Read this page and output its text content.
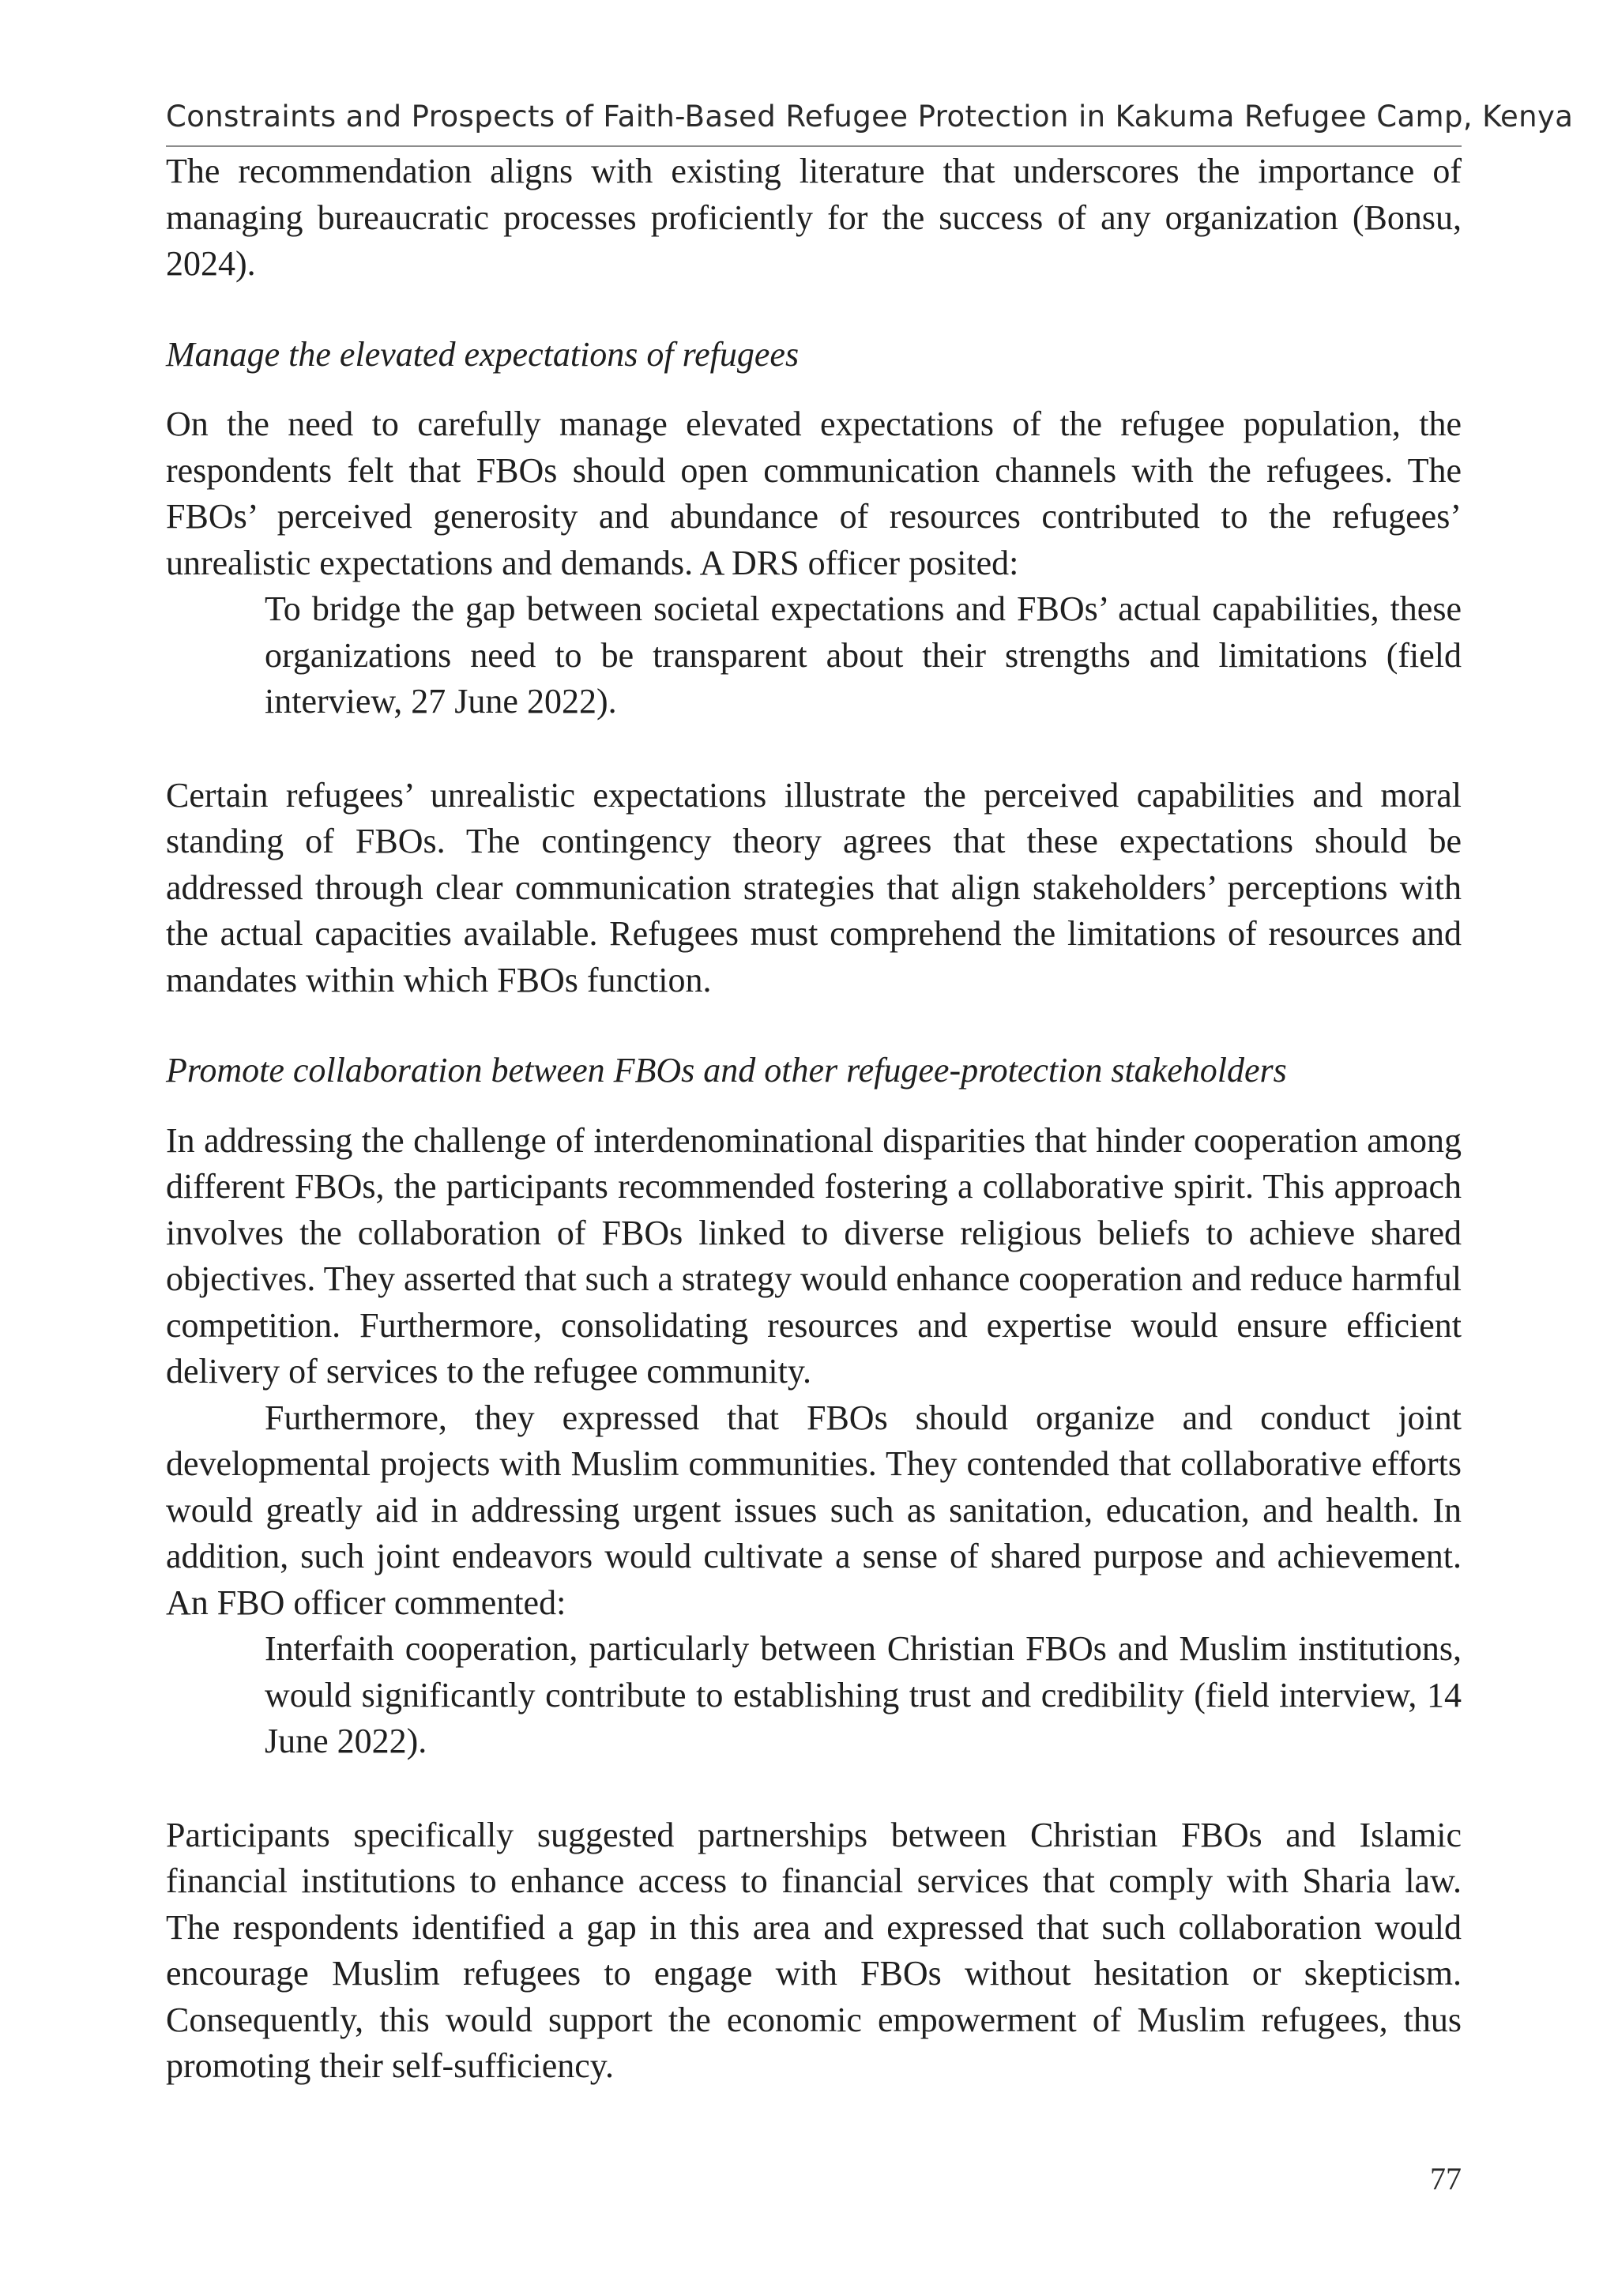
Constraints and Prospects of Faith-Based Refugee Protection in Kakuma Refugee Camp, Kenya

The recommendation aligns with existing literature that underscores the importance of managing bureaucratic processes proficiently for the success of any organization (Bonsu, 2024).

Manage the elevated expectations of refugees

On the need to carefully manage elevated expectations of the refugee population, the respondents felt that FBOs should open communication channels with the refugees. The FBOs’ perceived generosity and abundance of resources contributed to the refugees’ unrealistic expectations and demands. A DRS officer posited:

To bridge the gap between societal expectations and FBOs’ actual capabilities, these organizations need to be transparent about their strengths and limitations (field interview, 27 June 2022).

Certain refugees’ unrealistic expectations illustrate the perceived capabilities and moral standing of FBOs. The contingency theory agrees that these expectations should be addressed through clear communication strategies that align stakeholders’ perceptions with the actual capacities available. Refugees must comprehend the limitations of resources and mandates within which FBOs function.

Promote collaboration between FBOs and other refugee-protection stakeholders

In addressing the challenge of interdenominational disparities that hinder cooperation among different FBOs, the participants recommended fostering a collaborative spirit. This approach involves the collaboration of FBOs linked to diverse religious beliefs to achieve shared objectives. They asserted that such a strategy would enhance cooperation and reduce harmful competition. Furthermore, consolidating resources and expertise would ensure efficient delivery of services to the refugee community.

Furthermore, they expressed that FBOs should organize and conduct joint developmental projects with Muslim communities. They contended that collaborative efforts would greatly aid in addressing urgent issues such as sanitation, education, and health. In addition, such joint endeavors would cultivate a sense of shared purpose and achievement. An FBO officer commented:

Interfaith cooperation, particularly between Christian FBOs and Muslim institutions, would significantly contribute to establishing trust and credibility (field interview, 14 June 2022).

Participants specifically suggested partnerships between Christian FBOs and Islamic financial institutions to enhance access to financial services that comply with Sharia law. The respondents identified a gap in this area and expressed that such collaboration would encourage Muslim refugees to engage with FBOs without hesitation or skepticism. Consequently, this would support the economic empowerment of Muslim refugees, thus promoting their self-sufficiency.

77
